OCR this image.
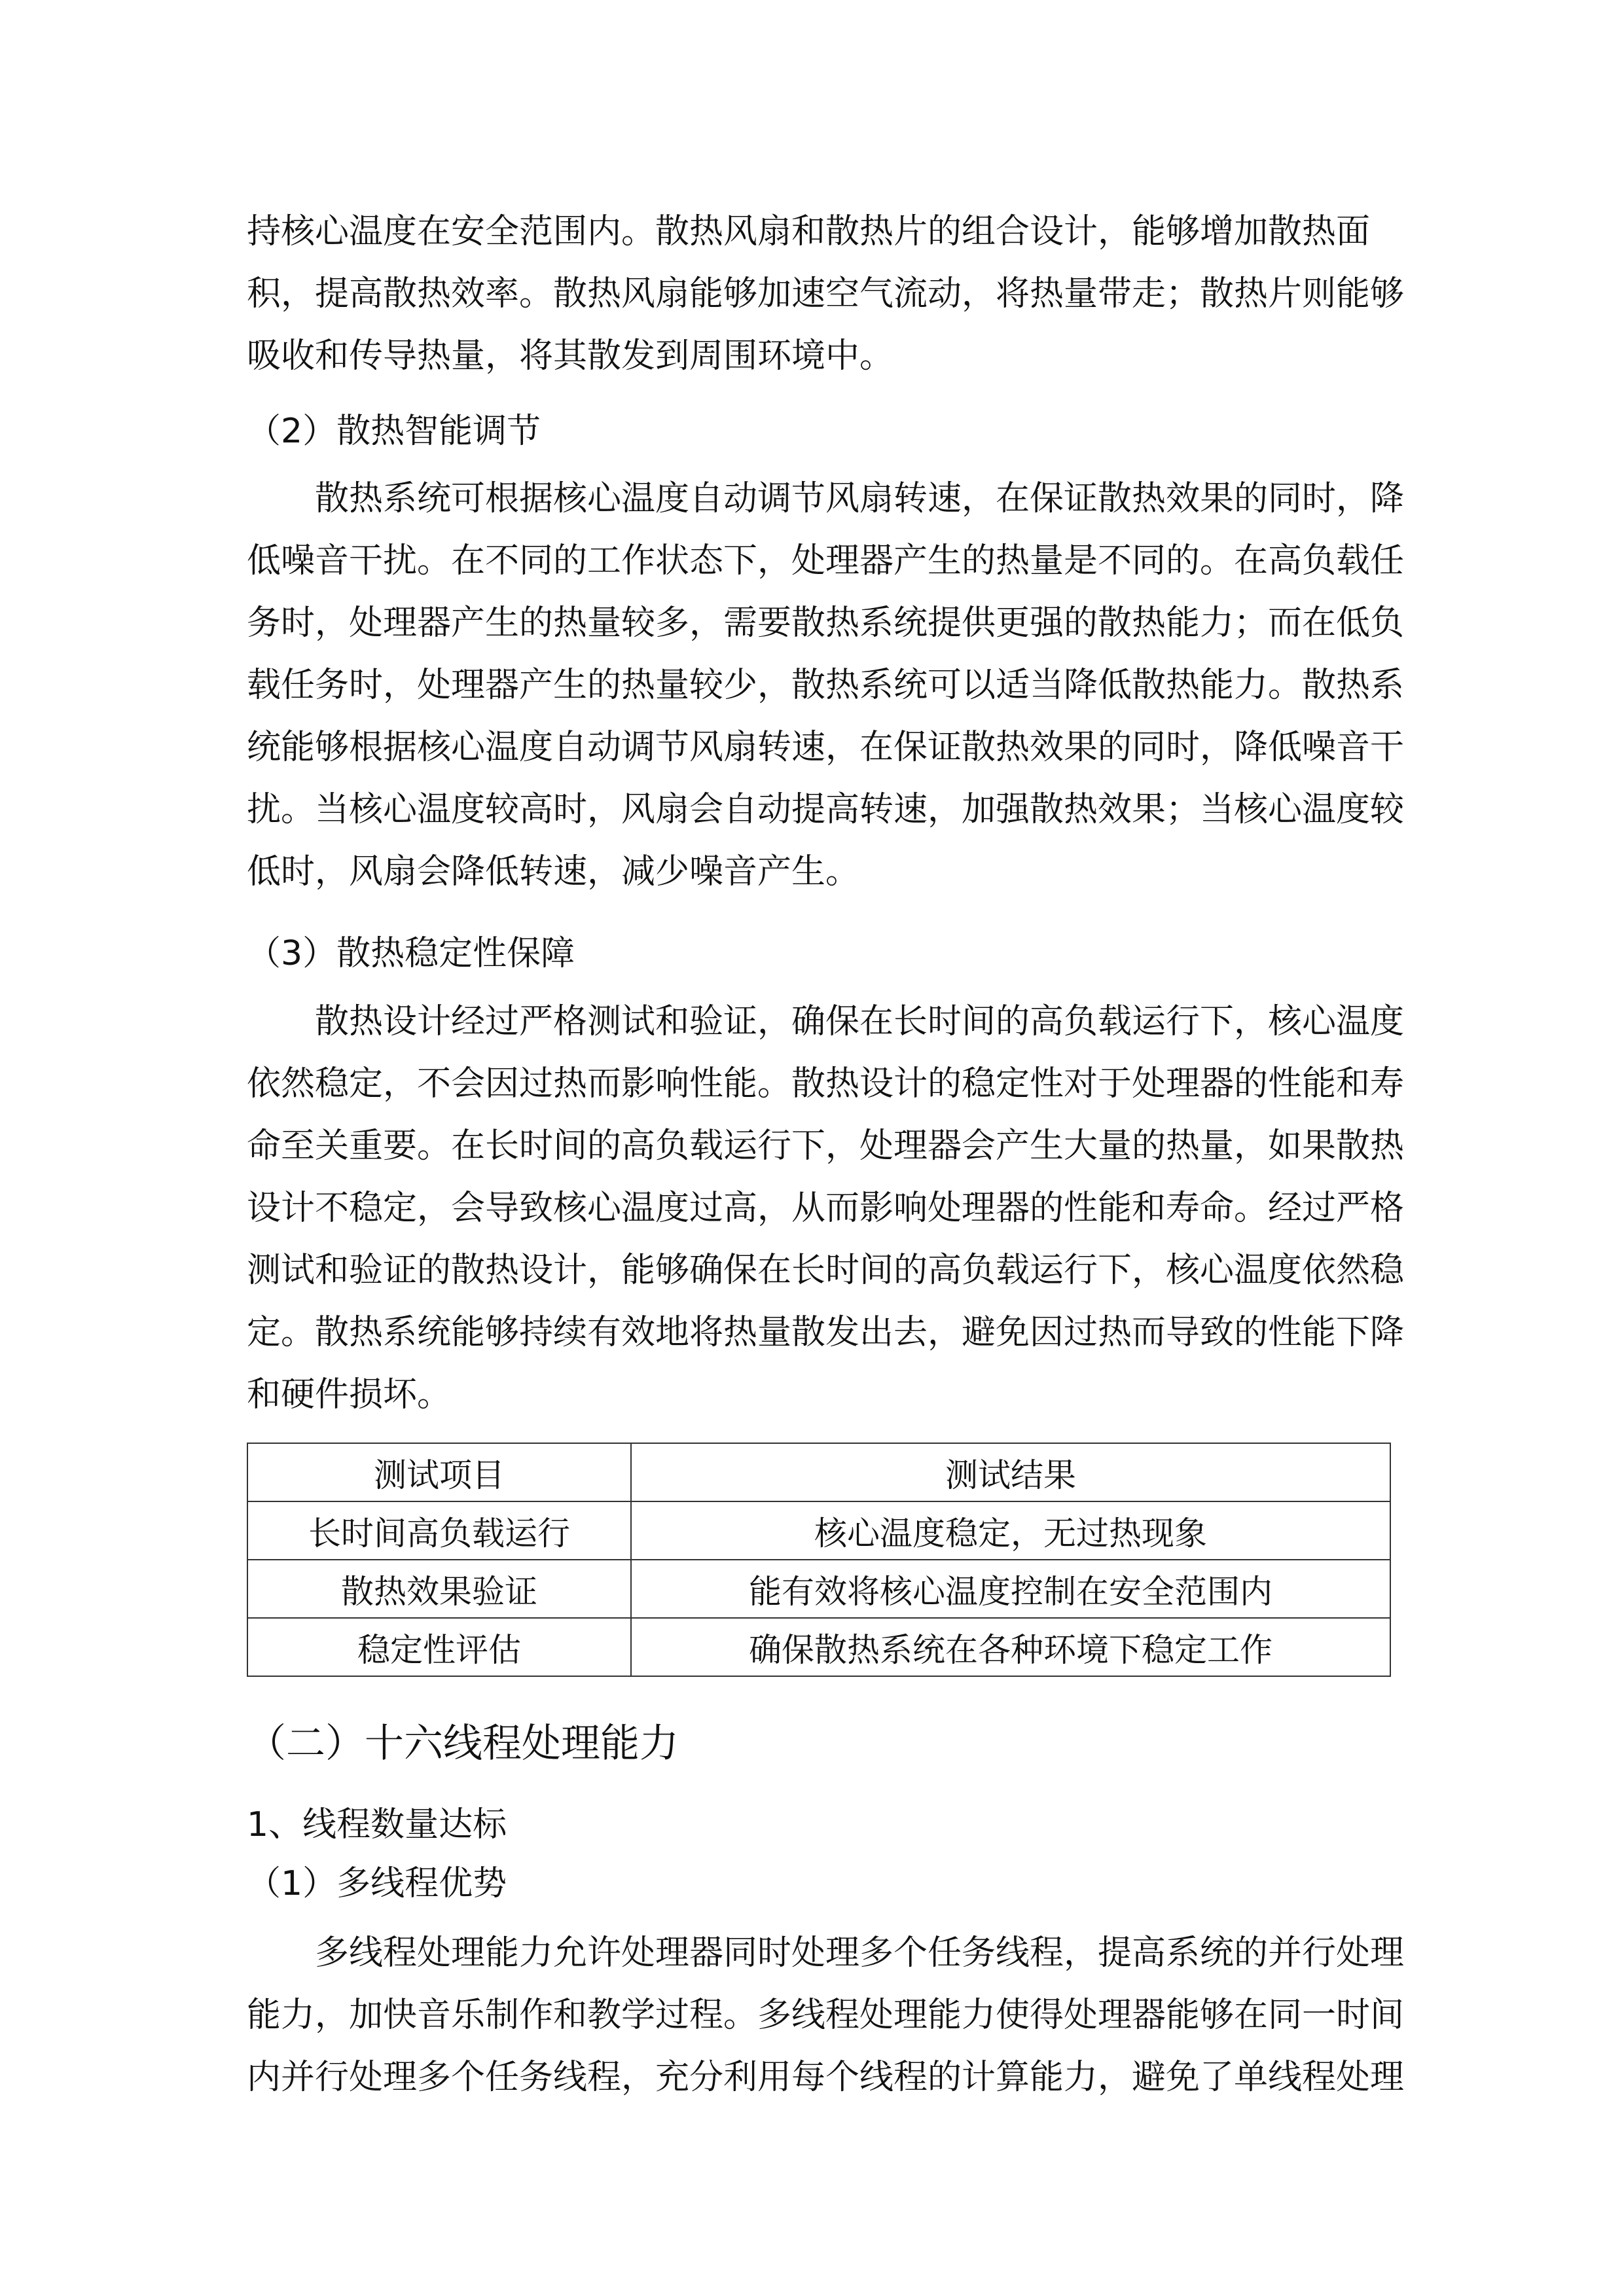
持核心温度在安全范围内。散热风扇和散热片的组合设计，能够增加散热面
积，提高散热效率。散热风扇能够加速空气流动，将热量带走；散热片则能够
吸收和传导热量，将其散发到周围环境中。
（2）散热智能调节
散热系统可根据核心温度自动调节风扇转速，在保证散热效果的同时，降
低噪音干扰。在不同的工作状态下，处理器产生的热量是不同的。在高负载任
务时，处理器产生的热量较多，需要散热系统提供更强的散热能力；而在低负
载任务时，处理器产生的热量较少，散热系统可以适当降低散热能力。散热系
统能够根据核心温度自动调节风扇转速，在保证散热效果的同时，降低噪音干
扰。当核心温度较高时，风扇会自动提高转速，加强散热效果；当核心温度较
低时，风扇会降低转速，减少噪音产生。
（3）散热稳定性保障
散热设计经过严格测试和验证，确保在长时间的高负载运行下，核心温度
依然稳定，不会因过热而影响性能。散热设计的稳定性对于处理器的性能和寿
命至关重要。在长时间的高负载运行下，处理器会产生大量的热量，如果散热
设计不稳定，会导致核心温度过高，从而影响处理器的性能和寿命。经过严格
测试和验证的散热设计，能够确保在长时间的高负载运行下，核心温度依然稳
定。散热系统能够持续有效地将热量散发出去，避免因过热而导致的性能下降
和硬件损坏。
测试项目	测试结果
长时间高负载运行	核心温度稳定，无过热现象
散热效果验证	能有效将核心温度控制在安全范围内
稳定性评估	确保散热系统在各种环境下稳定工作
（二）十六线程处理能力
1、线程数量达标
（1）多线程优势
多线程处理能力允许处理器同时处理多个任务线程，提高系统的并行处理
能力，加快音乐制作和教学过程。多线程处理能力使得处理器能够在同一时间
内并行处理多个任务线程，充分利用每个线程的计算能力，避免了单线程处理
